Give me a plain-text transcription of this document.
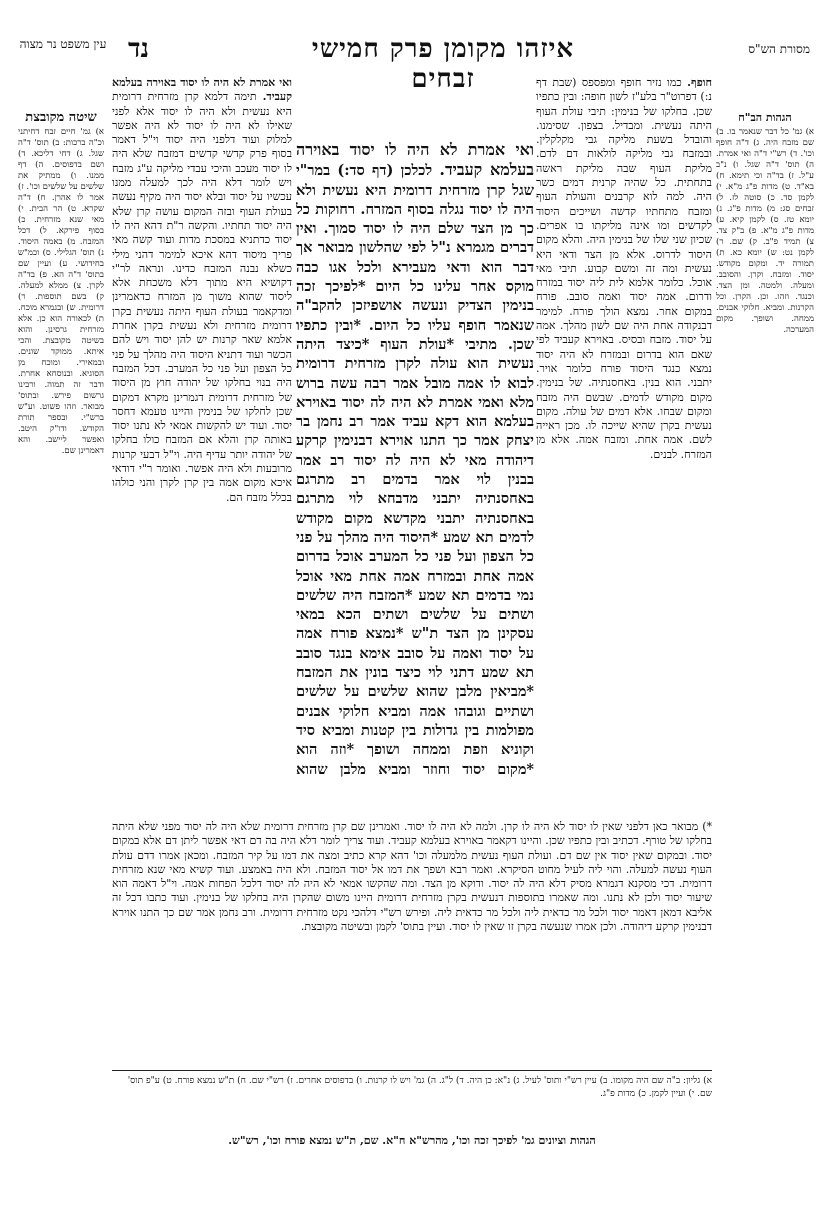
עין משפט נר מצוה נד	איזהו מקומן פרק חמישי זבחים
מסורת הש"ס
הגהות הב"ח

א) גמ' כל דבר שנאמר בו. ב) שם מזבח היה. ג) ד"ה חופף וכו'. ד) רש"י ד"ה ואי אמרת. ה) תוס' ד"ה שגל. ו) נ"ב ע"ל. ז) בד"ה וכי תימא. ח) בא"ד. ט) מדות פ"ג מ"א. י) לקמן סד. כ) סוטה לז. ל) זבחים סג: מ) מדות פ"ג. נ) יומא טז. ס) לקמן קיא. ע) מדות פ"ג מ"א. פ) ב"ק צד. צ) תמיד פ"ב. ק) שם. ר) לקמן נט: ש) יומא כא. ת) תמורה יד. ומקום מקודש. יסוד. ומזבח. וקרן. והסובב. ומעלה. ולמטה. ומן הצד. וכנגד. וזהו. וכן. הקרן. וכל הקרנות. ומביא. חלוקי אבנים. ממחה. ושופך. מקום המערכה.

חופף. כמו נזיר חופף ומפספס (שבת דף נ:) דפרוט"ר בלע"ז לשון חופה: ובין כתפיו שכן. בחלקו של בנימין: תיבי עולת העוף היתה נעשית. ומבדיל. בצפון. שסימנו. והובדל בשעת מליקה גבי מקלקלין. ובמזבח גבי מליקה לולאות דם לדם. מליקת העוף שבה מליקת ראשה בתחתית. כל שהיה קרנית דמים כשר היה. למה לוא קרבנים והעולת העוף ומזבח מתחתיו קדשה ושייכים היסוד לקדשים ומו אינה מליקתו בו אפרים. שכיון שני שלו של בנימין היה. והלא מקום היסוד לדרוס. אלא מן הצד ודאי היא נעשית ומה זה ומשם קבוע. תיבי מאי אוכל. כלומר אלמא לית ליה יסוד במזרח ודרום. אמה יסוד ואמה סובב. פורח במקום אחר. נמצא הולך פורח. למימר דבנקודה אחת היה שם לשון מהלך. אמה על יסוד. מזבח ובסיס. באוירא קעביד לפי שאם הוא בדרום ובמזרח לא היה יסוד נמצא כנגד היסוד פורח כלומר אויר. יתבני. הוא בנין. באחסנתיה. של בנימין. מקום מקודש לדמים. שבשם היה מזבח ומקום שבחו. אלא דמים של עולה. מקום נעשית בקרן שהיא שייכה לו. מכן ראייה לשם. אמה אחת. ומזבח אמה. אלא מן המזרח. לבנים.

ואי אמרת לא היה לו יסוד באוירה בעלמא קעביד. תימה דלמא קרן מזרחית דרומית היא נעשית ולא היה לו יסוד אלא לפני שאילו לא היה לו יסוד לא היה אפשר למלוק ועוד דלפני היה יסוד וי"ל דאמר בסוף פרק קדשי קדשים דמזבח שלא היה לו יסוד מעכב והיכי עבדי מליקה ע"ג מזבח ויש לומר דלא היה לכך למעלה ממנו עכשיו על יסוד ובלא יסוד היה מקיף נעשה בעולת העוף ובזה המקום עושה קרן שלא היה יסוד תחתיו. והקשה ר"ת דהא היה לו יסוד כדתניא במסכת מדות ועוד קשה מאי פריך מיסוד דהא איכא למימר דהני מילי כשלא נבנה המזבח כדינו. ונראה לר"י דקושיא היא מתוך דלא משכחת אלא ליסוד שהוא משוך מן המזרח כדאמרינן ומדקאמר בעולת העוף היתה נעשית בקרן דרומית מזרחית ולא נעשית בקרן אחרת אלמא שאר קרנות יש להן יסוד ויש להם הכשר ועוד דתניא היסוד היה מהלך על פני כל הצפון ועל פני כל המערב. דכל המזבח היה בנוי בחלקו של יהודה חוץ מן היסוד של מזרחית דרומית דגמרינן מקרא דמקום שכן לחלקו של בנימין והיינו טעמא דחסר יסוד. ועוד יש להקשות אמאי לא נתנו יסוד באותה קרן והלא אם המזבח כולו בחלקו של יהודה יותר עדיף היה. וי"ל דבעי קרנות מרובעות ולא היה אפשר. ואומר ר"י דודאי איכא מקום אמה בין קרן לקרן והני כולהו בכלל מזבח הם.

שיטה מקובצת

א) גמ' חיים זבח דחיתני וכ"ה ברכות: ב) תוס' ד"ה שגל. ג) דחי דליכא. ד) ושם בדפוסים. ה) דף ממנו. ו) ממתיק את שלשים על שלשים וכו'. ז) אמר לו אהרן. ח) ד"ה שקרא. ט) הר הבית. י) מאי שנא מזרחית. כ) בסוף פירקא. ל) דכל המזבח. מ) באמה היסוד. נ) תוס' הגלילי. ס) וכמ"ש בחידושי. ע) ועיין שם בתוס' ד"ה הא. פ) בד"ה לקרן. צ) ממלא למעלה. ק) בשם תוספות. ר) דרומית. ש) ובגמרא מוכח. ת) לכאורה הוא כן. אלא מזרחית גרסינן. והוא בשיטה מקובצת. והכי איתא. ממוקד שונים. ובמאירי. ומוכח מן הסוגיא. ובנוסחא אחרת. ודבר זה תמוה. ורבינו גרשום פירש. ובתוס' מבואר. וזהו פשוט. וע"ש ברש"י. ובספר תורת הקודש. ודו"ק היטב. ואפשר ליישב. והא דאמרינן שם.

ואי אמרת לא היה לו יסוד באוירה בעלמא קעביד. לכלכן (דף סד:) במר"י שגל קרן מזרחית דרומית היא נעשית ולא היה לו יסוד נגלה בסוף המזרח. רחוקות כל כך מן הצד שלם היה לו יסוד סמוך. ואין דברים מגמרא נ"ל לפי שהלשון מבואר אך דבר הוא ודאי מעבירא ולכל אגו כבה מוקס אחר עלינו כל היום *לפיכך זכה בנימין הצדיק ונעשה אושפיזכן להקב"ה שנאמר חופף עליו כל היום. *ובין כתפיו שכן. מתיבי *עולת העוף *כיצד היתה נעשית הוא עולה לקרן מזרחית דרומית לבוא לו אמה מובל אמר רבה עשה ברוש מלא ואמי אמרת לא היה לה יסוד באוירא בעלמא הוא דקא עביד אמר רב נחמן בר יצחק אמר כך התנו אוירא דבנימין קרקע דיהודה מאי לא היה לה יסוד רב אמר בבנין לוי אמר בדמים רב מתרגם באחסנתיה יתבני מדבחא לוי מתרגם באחסנתיה יתבני מקדשא מקום מקודש לדמים תא שמע *היסוד היה מהלך על פני כל הצפון ועל פני כל המערב אוכל בדרום אמה אחת ובמזרח אמה אחת מאי אוכל נמי בדמים תא שמע *המזבח היה שלשים ושתים על שלשים ושתים הכא במאי עסקינן מן הצד ת"ש *נמצא פורח אמה על יסוד ואמה על סובב אימא בנגד סובב תא שמע דתני לוי כיצד בונין את המזבח *מביאין מלבן שהוא שלשים על שלשים ושתיים וגובהו אמה ומביא חלוקי אבנים מפולמות בין גדולות בין קטנות ומביא סיד וקוניא וזפת וממחה ושופך *וזה הוא *מקום יסוד וחוזר ומביא מלבן שהוא

*) מבואר כאן דלפני שאין לו יסוד לא היה לו קרן. ולמה לא היה לו יסוד. ואמרינן שם קרן מזרחית דרומית שלא היה לה יסוד מפני שלא היתה בחלקו של טורף. דכתיב ובין כתפיו שכן. והיינו דקאמר באוירא בעלמא קעביד. ועוד צריך לומר דלא היה בה דם דאי אפשר ליתן דם אלא במקום יסוד. ובמקום שאין יסוד אין שם דם. ועולת העוף נעשית מלמעלה וכו' דהא קרא כתיב ומצה את דמו על קיר המזבח. ומכאן אמרו דדם עולת העוף נעשה למעלה. והוי ליה לעיל מחוט הסיקרא. ואמר רבא ושפך את דמו אל יסוד המזבח. ולא היה באמצע. ועוד קשיא מאי שנא מזרחית דרומית. דכי מסקנא דגמרא מסיק דלא היה לה יסוד. ודוקא מן הצד. ומה שהקשו אמאי לא היה לה יסוד דלכל הפחות אמה. וי"ל דאמה הוא שיעור יסוד ולכן לא נתנו. ומה שאמרו בתוספות דנעשית בקרן מזרחית דרומית היינו משום שהקרן היה בחלקו של בנימין. ועוד כתבו דכל זה אליבא דמאן דאמר יסוד ולכל מר כדאית ליה ולכל מר כדאית ליה. ופירש רש"י דלהכי נקט מזרחית דרומית. ורב נחמן אמר שם כך התנו אוירא דבנימין קרקע דיהודה. ולכן אמרו שנעשה בקרן זו שאין לו יסוד. ועיין בתוס' לקמן ובשיטה מקובצת.

א) גליון: ב"ה שם היה מקומו. ב) עיין רש"י ותוס' לעיל. ג) נ"א: כן היה. ד) ל"ג. ה) גמ' ויש לו קרנות. ו) בדפוסים אחרים. ז) רש"י שם. ח) ת"ש נמצא פורח. ט) ע"פ תוס' שם. י) ועיין לקמן. כ) מדות פ"ג.
הגהות וציונים גמ' לפיכך זכה וכו', מהרש"א ח"א. שם, ת"ש נמצא פורח וכו', רש"ש.
